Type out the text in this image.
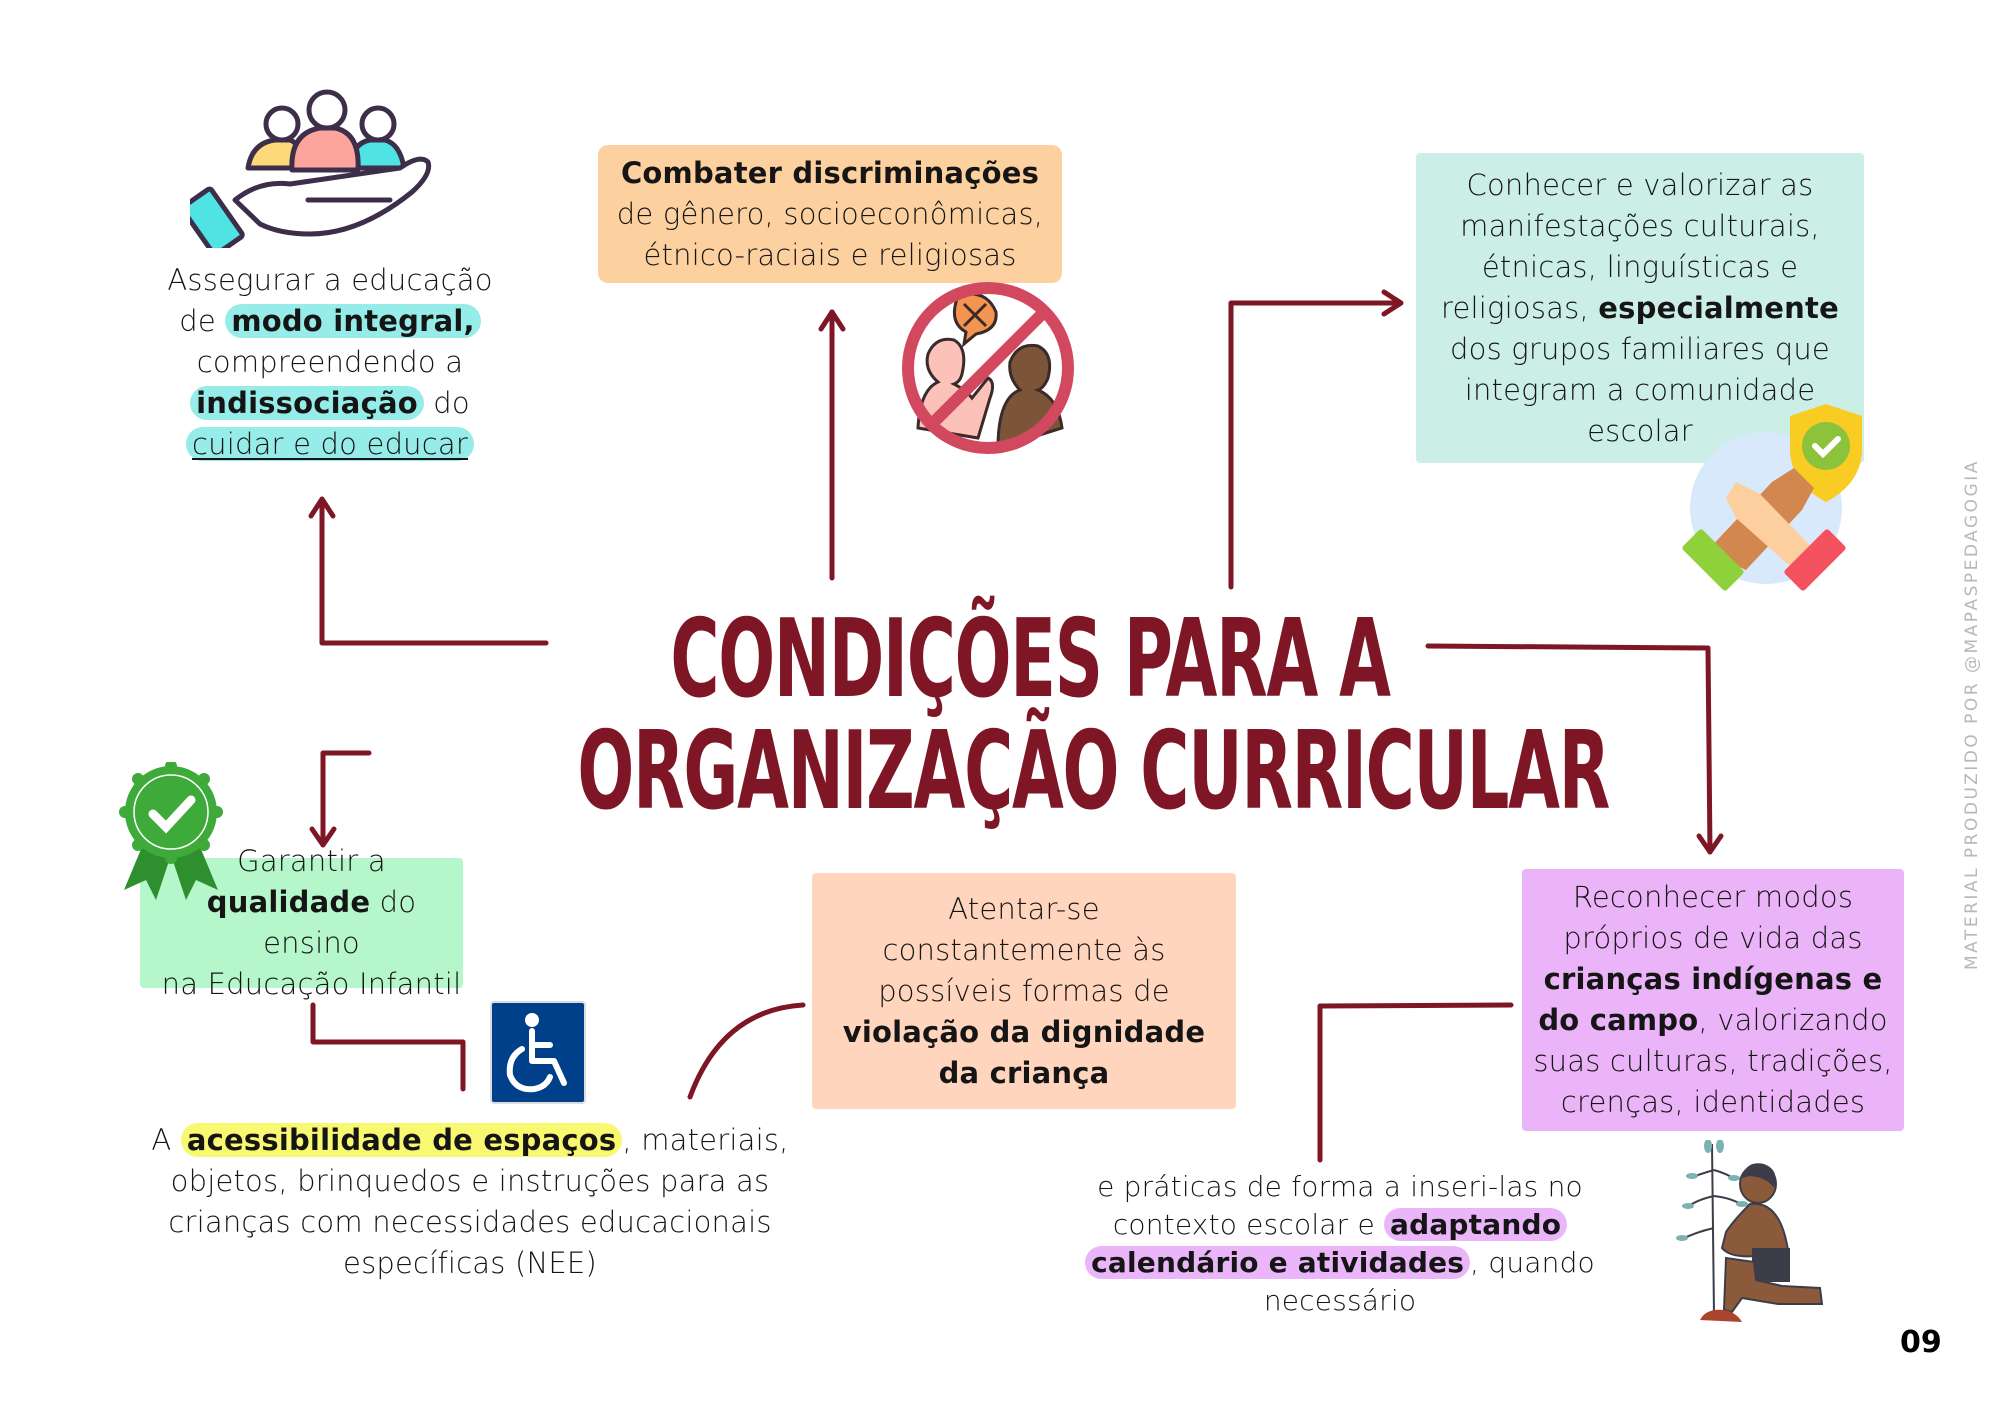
CONDIÇÕES PARA A
ORGANIZAÇÃO CURRICULAR
Assegurar a educação
de modo integral,
compreendendo a
indissociação do
cuidar e do educar
Combater discriminações
de gênero, socioeconômicas,
étnico-raciais e religiosas
Conhecer e valorizar as
manifestações culturais,
étnicas, linguísticas e
religiosas, especialmente
dos grupos familiares que
integram a comunidade
escolar
Garantir a
qualidade do ensino
na Educação Infantil
A acessibilidade de espaços , materiais,
objetos, brinquedos e instruções para as
crianças com necessidades educacionais
específicas (NEE)
Atentar-se
constantemente às
possíveis formas de
violação da dignidade
da criança
Reconhecer modos
próprios de vida das
crianças indígenas e
do campo, valorizando
suas culturas, tradições,
crenças, identidades
e práticas de forma a inseri-las no
contexto escolar e adaptando
calendário e atividades , quando
necessário
MATERIAL PRODUZIDO POR @MAPASPEDAGOGIA
09
